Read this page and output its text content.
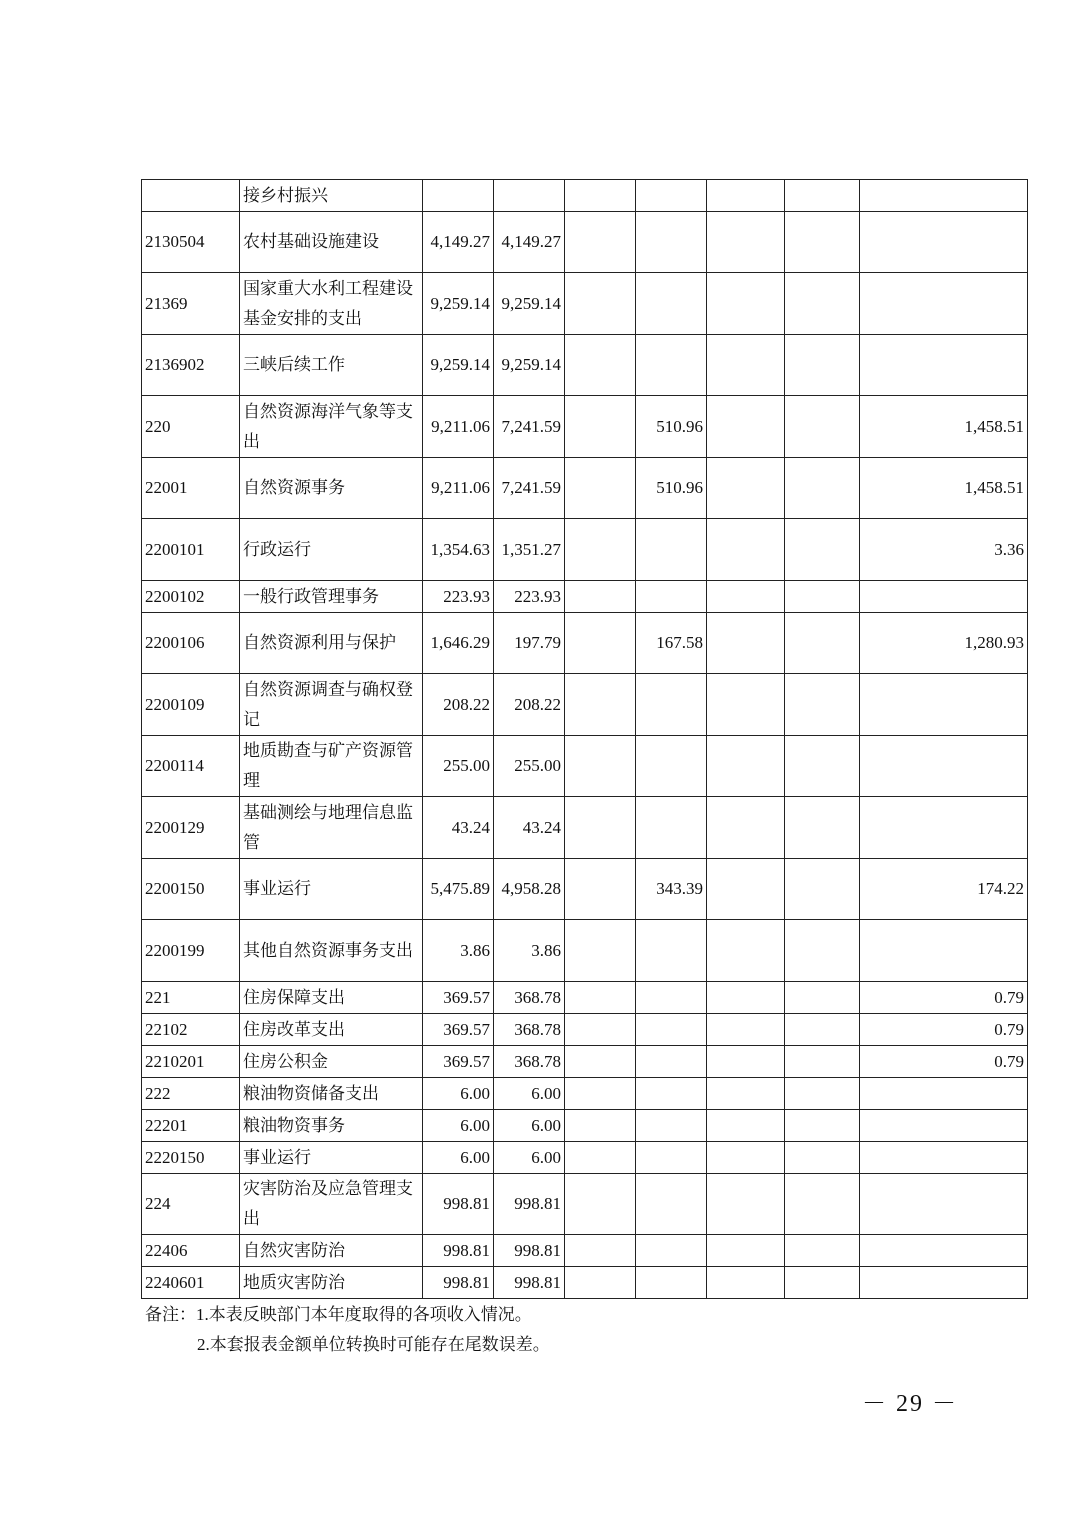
	接乡村振兴							
2130504	农村基础设施建设	4,149.27	4,149.27					
21369	国家重大水利工程建设基金安排的支出	9,259.14	9,259.14					
2136902	三峡后续工作	9,259.14	9,259.14					
220	自然资源海洋气象等支出	9,211.06	7,241.59		510.96			1,458.51
22001	自然资源事务	9,211.06	7,241.59		510.96			1,458.51
2200101	行政运行	1,354.63	1,351.27					3.36
2200102	一般行政管理事务	223.93	223.93					
2200106	自然资源利用与保护	1,646.29	197.79		167.58			1,280.93
2200109	自然资源调查与确权登记	208.22	208.22					
2200114	地质勘查与矿产资源管理	255.00	255.00					
2200129	基础测绘与地理信息监管	43.24	43.24					
2200150	事业运行	5,475.89	4,958.28		343.39			174.22
2200199	其他自然资源事务支出	3.86	3.86					
221	住房保障支出	369.57	368.78					0.79
22102	住房改革支出	369.57	368.78					0.79
2210201	住房公积金	369.57	368.78					0.79
222	粮油物资储备支出	6.00	6.00					
22201	粮油物资事务	6.00	6.00					
2220150	事业运行	6.00	6.00					
224	灾害防治及应急管理支出	998.81	998.81					
22406	自然灾害防治	998.81	998.81					
2240601	地质灾害防治	998.81	998.81					
备注：1.本表反映部门本年度取得的各项收入情况。
2.本套报表金额单位转换时可能存在尾数误差。
－ 29 －
